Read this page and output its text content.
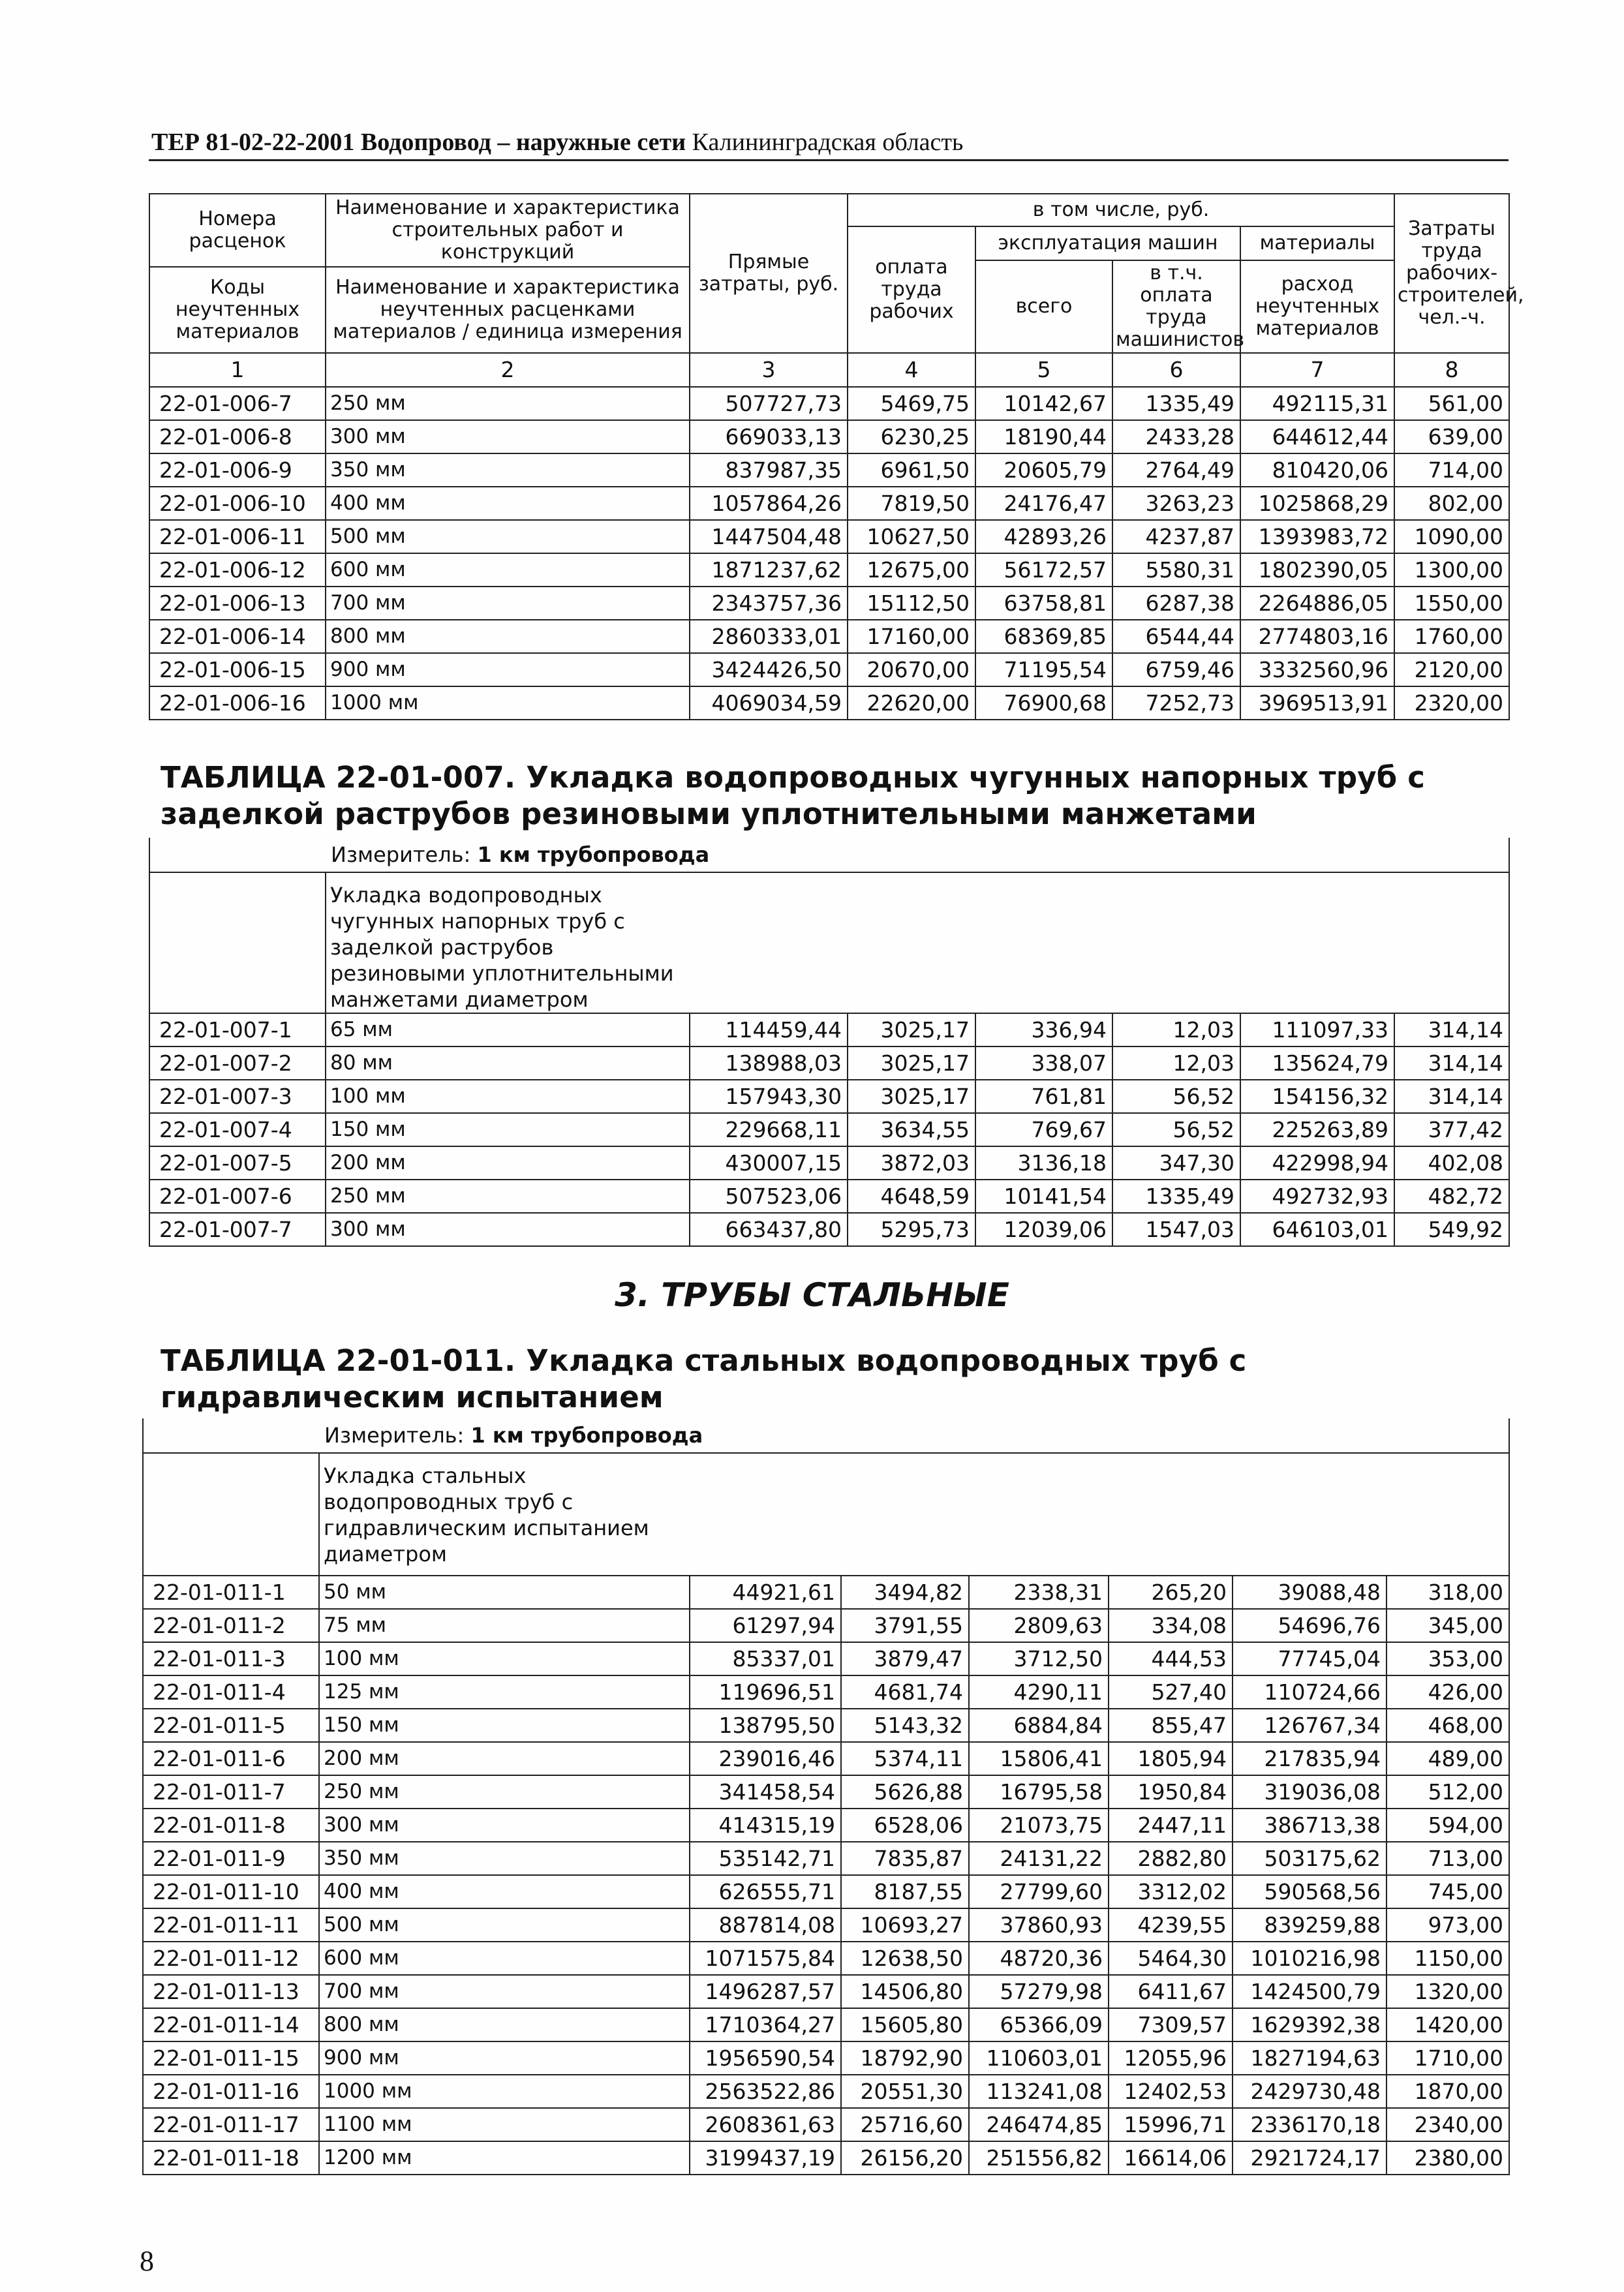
ТЕР 81-02-22-2001 Водопровод – наружные сети Калининградская область
Номера расценок	Наименование и характеристика строительных работ и конструкций	Прямые затраты, руб.	в том числе, руб.				Затраты труда рабочих-строителей, чел.-ч.
			оплата труда рабочих	эксплуатация машин		материалы	
				всего	в т.ч. оплата труда машинистов	расход неучтенных материалов	
Коды неучтенных материалов	Наименование и характеристика неучтенных расценками материалов / единица измерения						

1	2	3	4	5	6	7	8
22-01-006-7	250 мм	507727,73	5469,75	10142,67	1335,49	492115,31	561,00
22-01-006-8	300 мм	669033,13	6230,25	18190,44	2433,28	644612,44	639,00
22-01-006-9	350 мм	837987,35	6961,50	20605,79	2764,49	810420,06	714,00
22-01-006-10	400 мм	1057864,26	7819,50	24176,47	3263,23	1025868,29	802,00
22-01-006-11	500 мм	1447504,48	10627,50	42893,26	4237,87	1393983,72	1090,00
22-01-006-12	600 мм	1871237,62	12675,00	56172,57	5580,31	1802390,05	1300,00
22-01-006-13	700 мм	2343757,36	15112,50	63758,81	6287,38	2264886,05	1550,00
22-01-006-14	800 мм	2860333,01	17160,00	68369,85	6544,44	2774803,16	1760,00
22-01-006-15	900 мм	3424426,50	20670,00	71195,54	6759,46	3332560,96	2120,00
22-01-006-16	1000 мм	4069034,59	22620,00	76900,68	7252,73	3969513,91	2320,00
ТАБЛИЦА 22-01-007. Укладка водопроводных чугунных напорных труб с заделкой раструбов резиновыми уплотнительными манжетами
	Измеритель: 1 км трубопровода						
	Укладка водопроводных
чугунных напорных труб с
заделкой раструбов
резиновыми уплотнительными
манжетами диаметром						
22-01-007-1	65 мм	114459,44	3025,17	336,94	12,03	111097,33	314,14
22-01-007-2	80 мм	138988,03	3025,17	338,07	12,03	135624,79	314,14
22-01-007-3	100 мм	157943,30	3025,17	761,81	56,52	154156,32	314,14
22-01-007-4	150 мм	229668,11	3634,55	769,67	56,52	225263,89	377,42
22-01-007-5	200 мм	430007,15	3872,03	3136,18	347,30	422998,94	402,08
22-01-007-6	250 мм	507523,06	4648,59	10141,54	1335,49	492732,93	482,72
22-01-007-7	300 мм	663437,80	5295,73	12039,06	1547,03	646103,01	549,92
3. ТРУБЫ СТАЛЬНЫЕ
ТАБЛИЦА 22-01-011. Укладка стальных водопроводных труб с гидравлическим испытанием
	Измеритель: 1 км трубопровода						
	Укладка стальных
водопроводных труб с
гидравлическим испытанием
диаметром						
22-01-011-1	50 мм	44921,61	3494,82	2338,31	265,20	39088,48	318,00
22-01-011-2	75 мм	61297,94	3791,55	2809,63	334,08	54696,76	345,00
22-01-011-3	100 мм	85337,01	3879,47	3712,50	444,53	77745,04	353,00
22-01-011-4	125 мм	119696,51	4681,74	4290,11	527,40	110724,66	426,00
22-01-011-5	150 мм	138795,50	5143,32	6884,84	855,47	126767,34	468,00
22-01-011-6	200 мм	239016,46	5374,11	15806,41	1805,94	217835,94	489,00
22-01-011-7	250 мм	341458,54	5626,88	16795,58	1950,84	319036,08	512,00
22-01-011-8	300 мм	414315,19	6528,06	21073,75	2447,11	386713,38	594,00
22-01-011-9	350 мм	535142,71	7835,87	24131,22	2882,80	503175,62	713,00
22-01-011-10	400 мм	626555,71	8187,55	27799,60	3312,02	590568,56	745,00
22-01-011-11	500 мм	887814,08	10693,27	37860,93	4239,55	839259,88	973,00
22-01-011-12	600 мм	1071575,84	12638,50	48720,36	5464,30	1010216,98	1150,00
22-01-011-13	700 мм	1496287,57	14506,80	57279,98	6411,67	1424500,79	1320,00
22-01-011-14	800 мм	1710364,27	15605,80	65366,09	7309,57	1629392,38	1420,00
22-01-011-15	900 мм	1956590,54	18792,90	110603,01	12055,96	1827194,63	1710,00
22-01-011-16	1000 мм	2563522,86	20551,30	113241,08	12402,53	2429730,48	1870,00
22-01-011-17	1100 мм	2608361,63	25716,60	246474,85	15996,71	2336170,18	2340,00
22-01-011-18	1200 мм	3199437,19	26156,20	251556,82	16614,06	2921724,17	2380,00
8
